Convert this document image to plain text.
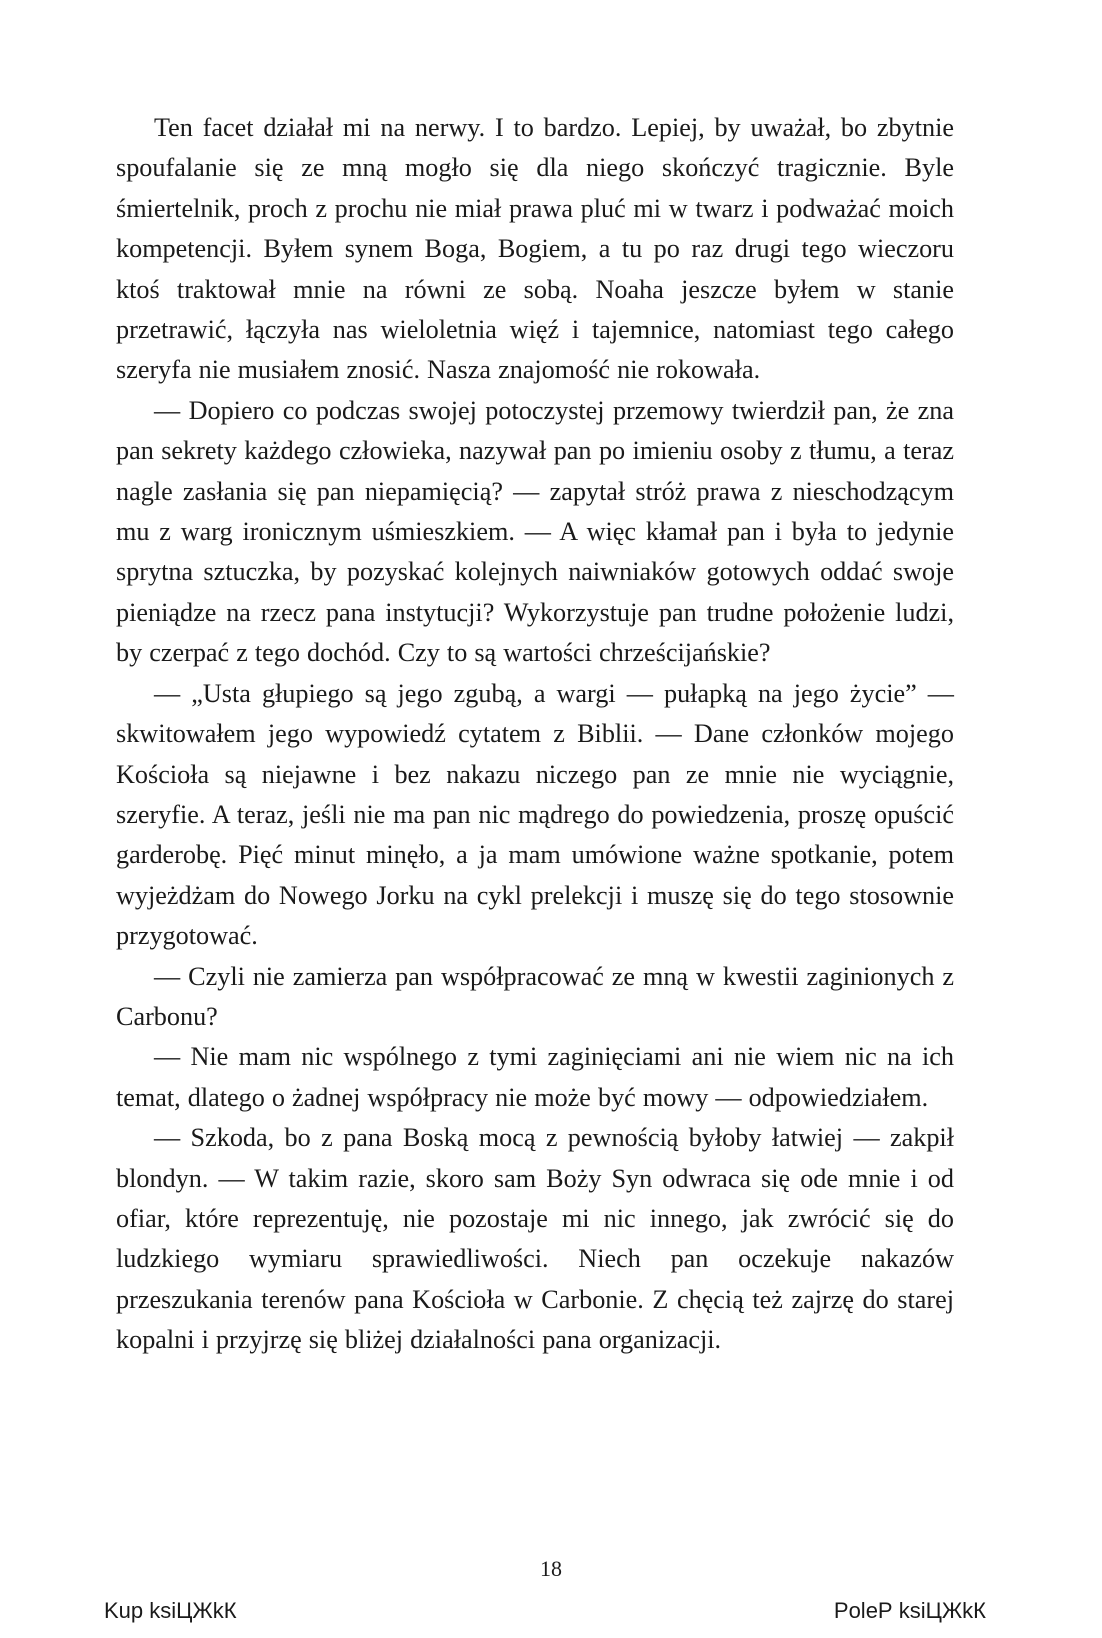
Ten facet działał mi na nerwy. I to bardzo. Lepiej, by uważał, bo zbytnie spoufalanie się ze mną mogło się dla niego skończyć tragicznie. Byle śmiertelnik, proch z prochu nie miał prawa pluć mi w twarz i podważać moich kompetencji. Byłem synem Boga, Bogiem, a tu po raz drugi tego wieczoru ktoś traktował mnie na równi ze sobą. Noaha jeszcze byłem w stanie przetrawić, łączyła nas wieloletnia więź i tajemnice, natomiast tego całego szeryfa nie musiałem znosić. Nasza znajomość nie rokowała.

— Dopiero co podczas swojej potoczystej przemowy twierdził pan, że zna pan sekrety każdego człowieka, nazywał pan po imieniu osoby z tłumu, a teraz nagle zasłania się pan niepamięcią? — zapytał stróż prawa z nieschodzącym mu z warg ironicznym uśmieszkiem. — A więc kłamał pan i była to jedynie sprytna sztuczka, by pozyskać kolejnych naiwniaków gotowych oddać swoje pieniądze na rzecz pana instytucji? Wykorzystuje pan trudne położenie ludzi, by czerpać z tego dochód. Czy to są wartości chrześcijańskie?

— „Usta głupiego są jego zgubą, a wargi — pułapką na jego życie” — skwitowałem jego wypowiedź cytatem z Biblii. — Dane członków mojego Kościoła są niejawne i bez nakazu niczego pan ze mnie nie wyciągnie, szeryfie. A teraz, jeśli nie ma pan nic mądrego do powiedzenia, proszę opuścić garderobę. Pięć minut minęło, a ja mam umówione ważne spotkanie, potem wyjeżdżam do Nowego Jorku na cykl prelekcji i muszę się do tego stosownie przygotować.

— Czyli nie zamierza pan współpracować ze mną w kwestii zaginionych z Carbonu?

— Nie mam nic wspólnego z tymi zaginięciami ani nie wiem nic na ich temat, dlatego o żadnej współpracy nie może być mowy — odpowiedziałem.

— Szkoda, bo z pana Boską mocą z pewnością byłoby łatwiej — zakpił blondyn. — W takim razie, skoro sam Boży Syn odwraca się ode mnie i od ofiar, które reprezentuję, nie pozostaje mi nic innego, jak zwrócić się do ludzkiego wymiaru sprawiedliwości. Niech pan oczekuje nakazów przeszukania terenów pana Kościoła w Carbonie. Z chęcią też zajrzę do starej kopalni i przyjrzę się bliżej działalności pana organizacji.

18
Kup ksiЦЖkК	PoleР ksiЦЖkК
